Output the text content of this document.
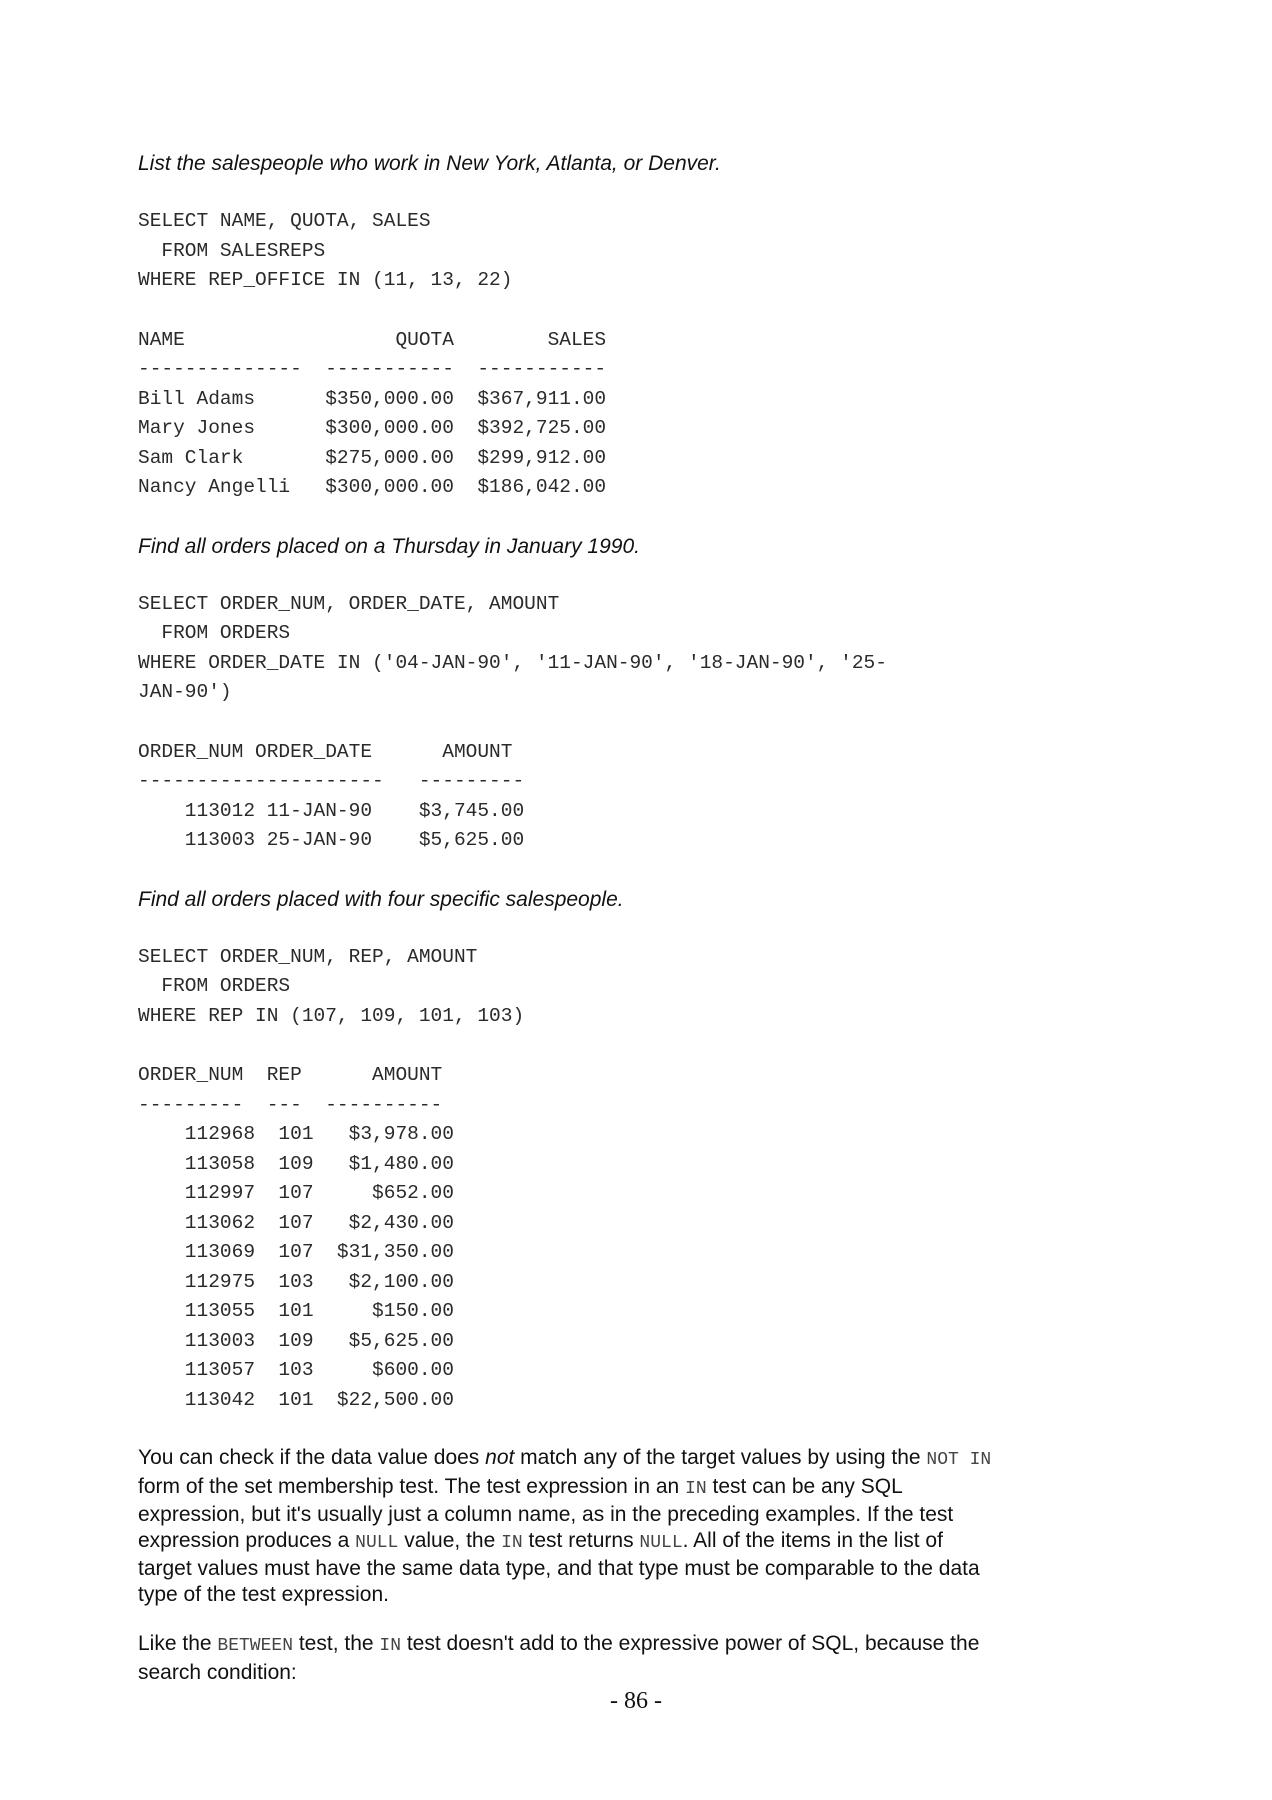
List the salespeople who work in New York, Atlanta, or Denver.

SELECT NAME, QUOTA, SALES
FROM SALESREPS
WHERE REP_OFFICE IN (11, 13, 22)
NAME                  QUOTA        SALES
--------------  -----------  -----------
Bill Adams      $350,000.00  $367,911.00
Mary Jones      $300,000.00  $392,725.00
Sam Clark       $275,000.00  $299,912.00
Nancy Angelli   $300,000.00  $186,042.00

Find all orders placed on a Thursday in January 1990.

SELECT ORDER_NUM, ORDER_DATE, AMOUNT
FROM ORDERS
WHERE ORDER_DATE IN ('04-JAN-90', '11-JAN-90', '18-JAN-90', '25-
JAN-90')
ORDER_NUM ORDER_DATE      AMOUNT
---------------------   ---------
113012 11-JAN-90    $3,745.00
113003 25-JAN-90    $5,625.00

Find all orders placed with four specific salespeople.

SELECT ORDER_NUM, REP, AMOUNT
FROM ORDERS
WHERE REP IN (107, 109, 101, 103)
ORDER_NUM  REP      AMOUNT
---------  ---  ----------
112968  101   $3,978.00
113058  109   $1,480.00
112997  107     $652.00
113062  107   $2,430.00
113069  107  $31,350.00
112975  103   $2,100.00
113055  101     $150.00
113003  109   $5,625.00
113057  103     $600.00
113042  101  $22,500.00

You can check if the data value does not match any of the target values by using the NOT IN form of the set membership test. The test expression in an IN test can be any SQL expression, but it's usually just a column name, as in the preceding examples. If the test expression produces a NULL value, the IN test returns NULL. All of the items in the list of target values must have the same data type, and that type must be comparable to the data type of the test expression.

Like the BETWEEN test, the IN test doesn't add to the expressive power of SQL, because the search condition:

- 86 -
